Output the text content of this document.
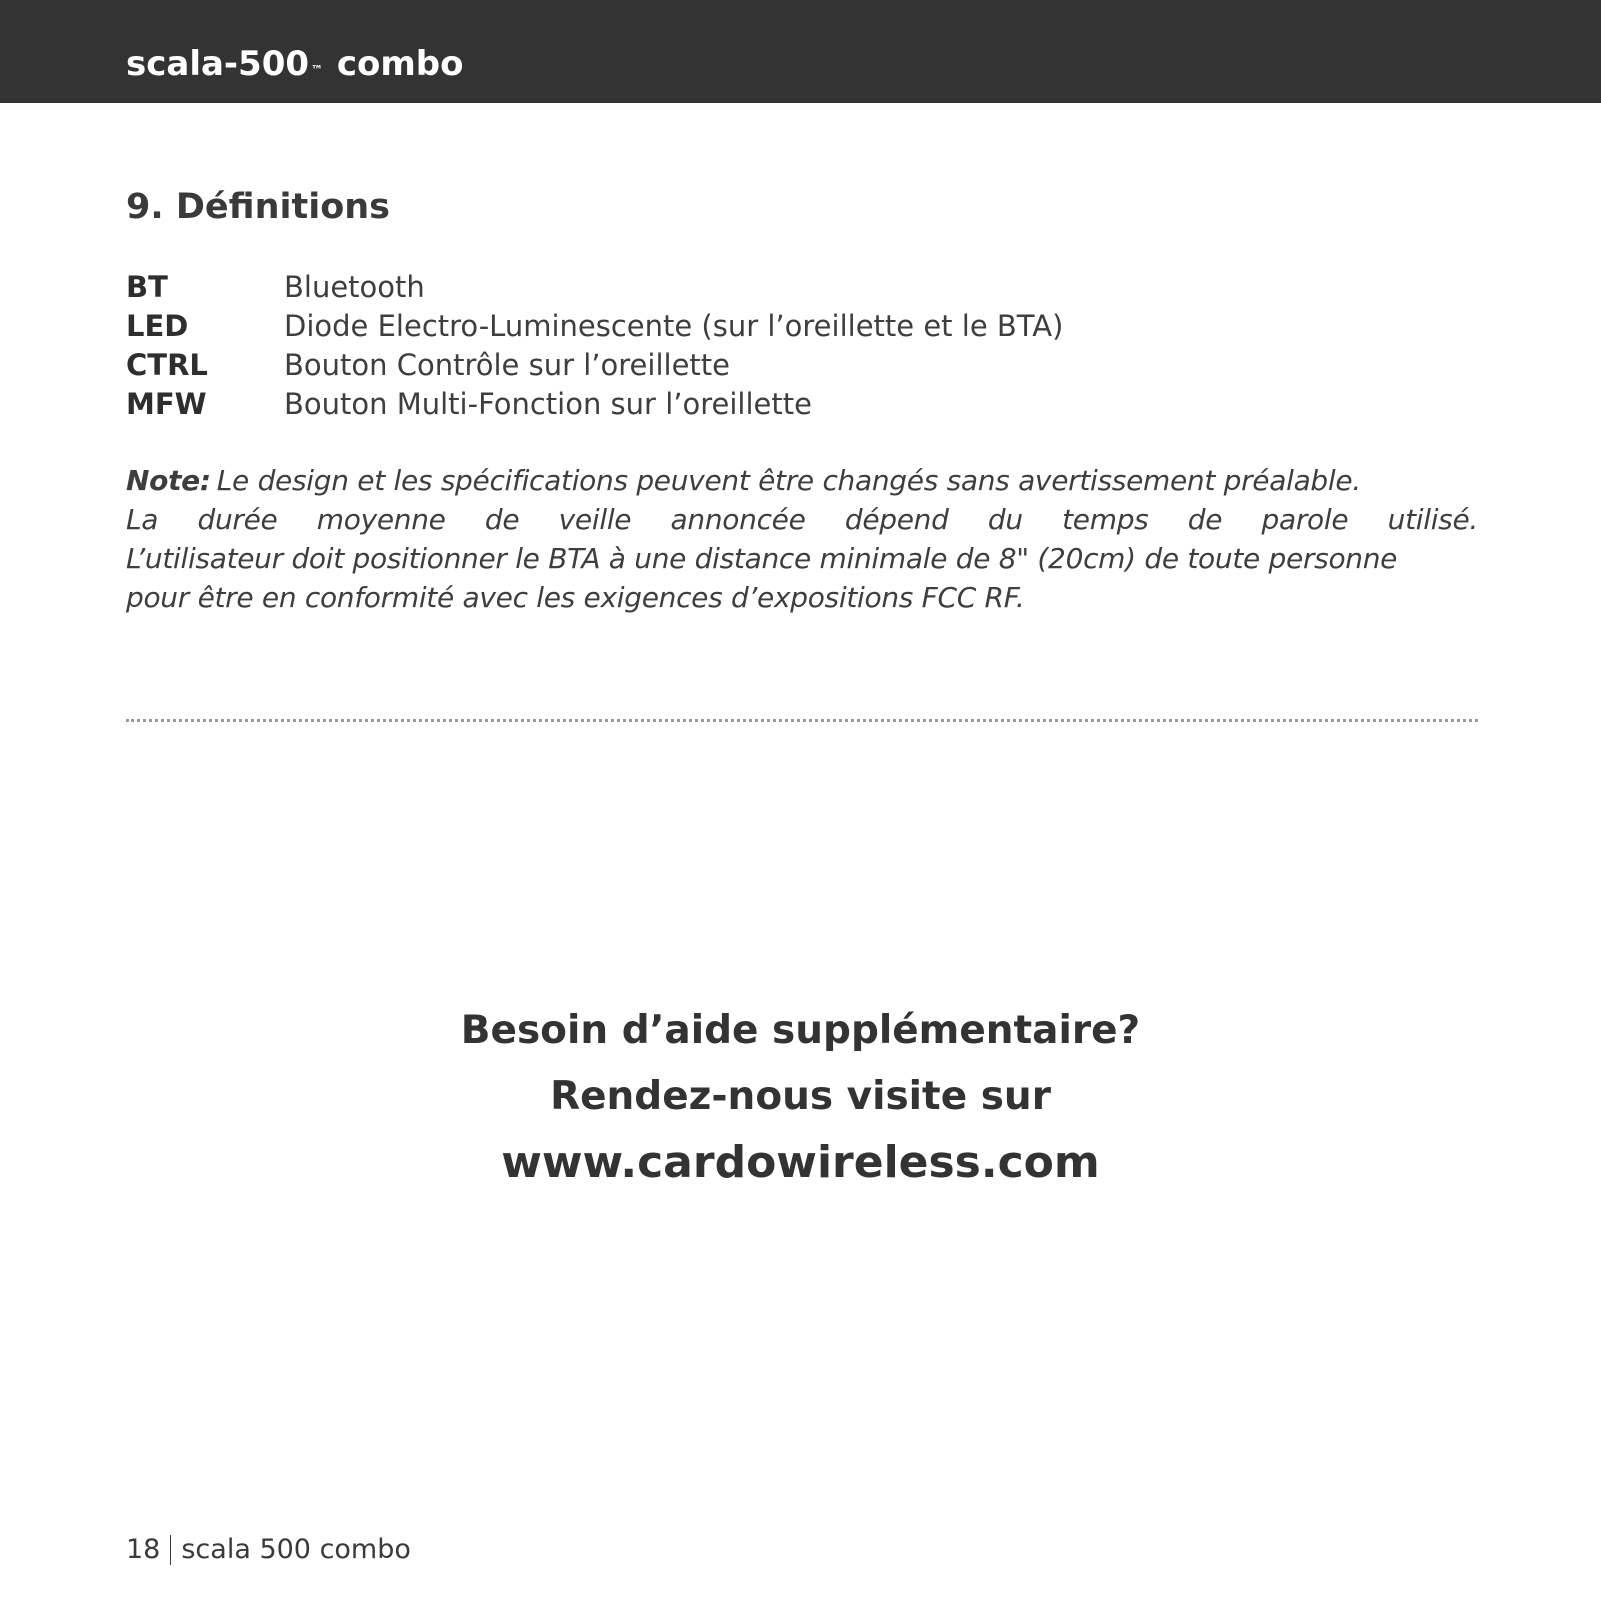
scala-500 ™ combo
9. Définitions
BT	Bluetooth
LED	Diode Electro-Luminescente (sur l’oreillette et le BTA)
CTRL	Bouton Contrôle sur l’oreillette
MFW	Bouton Multi-Fonction sur l’oreillette
Note: Le design et les spécifications peuvent être changés sans avertissement préalable.
La durée moyenne de veille annoncée dépend du temps de parole utilisé.
L’utilisateur doit positionner le BTA à une distance minimale de 8" (20cm) de toute personne
pour être en conformité avec les exigences d’expositions FCC RF.
Besoin d’aide supplémentaire?
Rendez-nous visite sur
www.cardowireless.com
18 scala 500 combo
